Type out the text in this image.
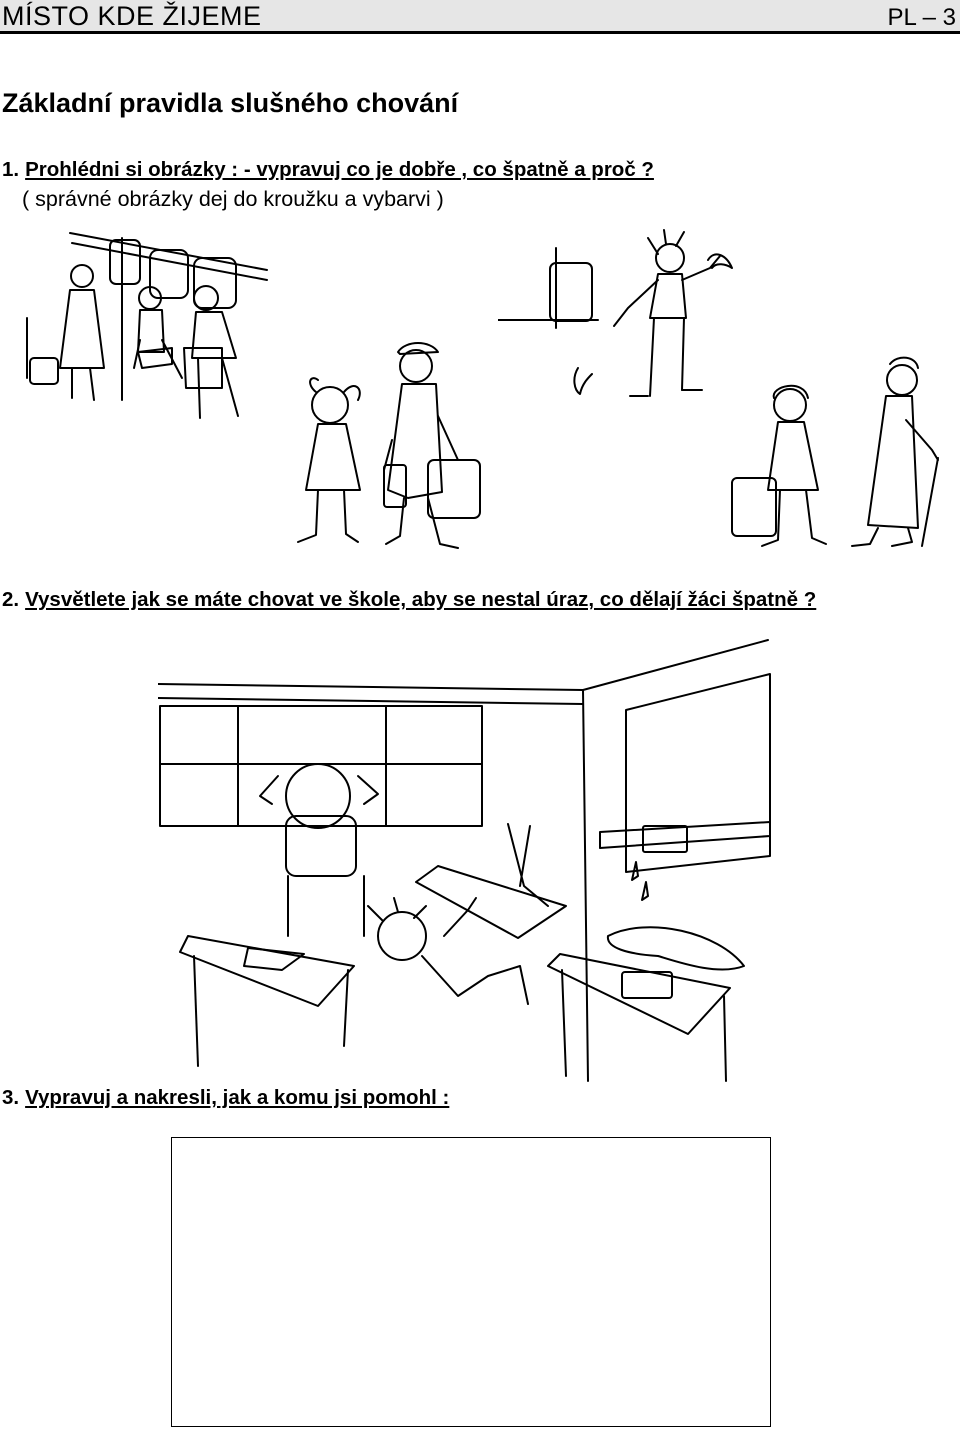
MÍSTO KDE ŽIJEME	PL – 3
Základní pravidla slušného chování
1. Prohlédni si obrázky : - vypravuj co je dobře , co špatně a proč ?
( správné obrázky dej do kroužku a vybarvi )
2. Vysvětlete jak se máte chovat ve škole, aby se nestal úraz, co dělají žáci špatně ?
3. Vypravuj a nakresli, jak a komu jsi pomohl :
